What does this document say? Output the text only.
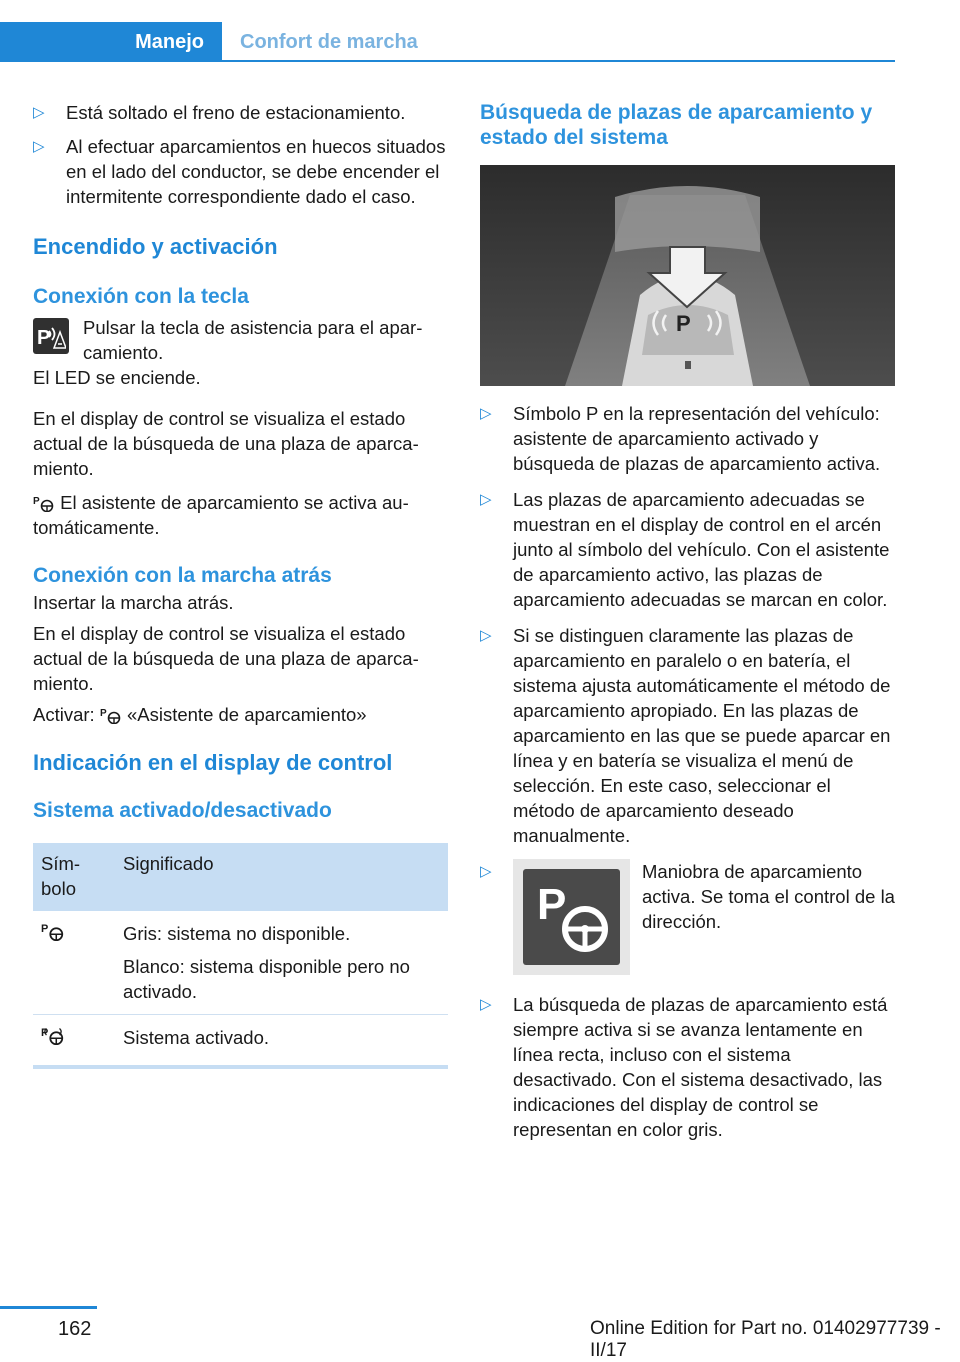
Manejo Confort de marcha
▷ Está soltado el freno de estacionamiento.
▷ Al efectuar aparcamientos en huecos situados en el lado del conductor, se debe encender el intermitente correspondiente dado el caso.
Encendido y activación
Conexión con la tecla
P	Pulsar la tecla de asistencia para el aparcamiento.

El LED se enciende.

En el display de control se visualiza el estado actual de la búsqueda de una plaza de aparcamiento.

P El asistente de aparcamiento se activa automáticamente.

Conexión con la marcha atrás

Insertar la marcha atrás.

En el display de control se visualiza el estado actual de la búsqueda de una plaza de aparcamiento.

Activar: P «Asistente de aparcamiento»

Indicación en el display de control
Sistema activado/desactivado
Símbolo	Significado

P	Gris: sistema no disponible.

Blanco: sistema disponible pero no activado.

P	Sistema activado.
Búsqueda de plazas de aparcamiento y estado del sistema
P
▷ Símbolo P en la representación del vehículo: asistente de aparcamiento activado y búsqueda de plazas de aparcamiento activa.
▷ Las plazas de aparcamiento adecuadas se muestran en el display de control en el arcén junto al símbolo del vehículo. Con el asistente de aparcamiento activo, las plazas de aparcamiento adecuadas se marcan en color.
▷ Si se distinguen claramente las plazas de aparcamiento en paralelo o en batería, el sistema ajusta automáticamente el método de aparcamiento apropiado. En las plazas de aparcamiento en las que se puede aparcar en línea y en batería se visualiza el menú de selección. En este caso, seleccionar el método de aparcamiento deseado manualmente.
▷
P
Maniobra de aparcamiento activa. Se toma el control de la dirección.
▷ La búsqueda de plazas de aparcamiento está siempre activa si se avanza lentamente en línea recta, incluso con el sistema desactivado. Con el sistema desactivado, las indicaciones del display de control se representan en color gris.
162	Online Edition for Part no. 01402977739 - II/17
